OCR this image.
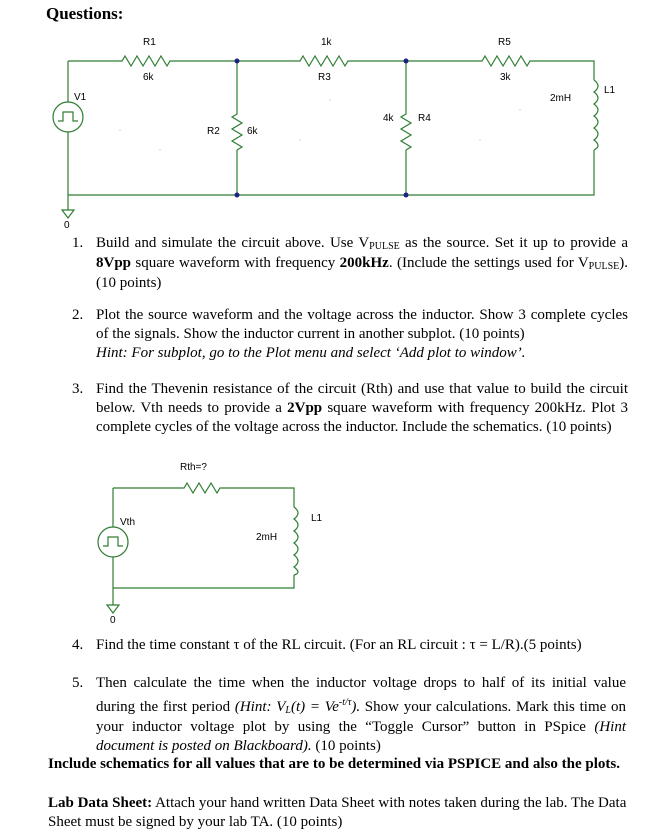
Questions:
V1
0
R1
6k
1k
R3
R5
3k
R2	6k
4k R4
2mH
L1
1. Build and simulate the circuit above. Use VPULSE as the source. Set it up to provide a 8Vpp square waveform with frequency 200kHz. (Include the settings used for VPULSE). (10 points)
2. Plot the source waveform and the voltage across the inductor. Show 3 complete cycles of the signals. Show the inductor current in another subplot. (10 points)
Hint: For subplot, go to the Plot menu and select ‘Add plot to window’.
3. Find the Thevenin resistance of the circuit (Rth) and use that value to build the circuit below. Vth needs to provide a 2Vpp square waveform with frequency 200kHz. Plot 3 complete cycles of the voltage across the inductor. Include the schematics. (10 points)
Rth=?
Vth
0
2mH
L1
4. Find the time constant τ of the RL circuit. (For an RL circuit : τ = L/R).(5 points)
5. Then calculate the time when the inductor voltage drops to half of its initial value during the first period (Hint: $VL(t) = Ve^{-t/\tau}$). Show your calculations. Mark this time on your inductor voltage plot by using the “Toggle Cursor” button in PSpice (Hint document is posted on Blackboard). (10 points)
Include schematics for all values that are to be determined via PSPICE and also the plots.
Lab Data Sheet: Attach your hand written Data Sheet with notes taken during the lab. The Data Sheet must be signed by your lab TA. (10 points)
